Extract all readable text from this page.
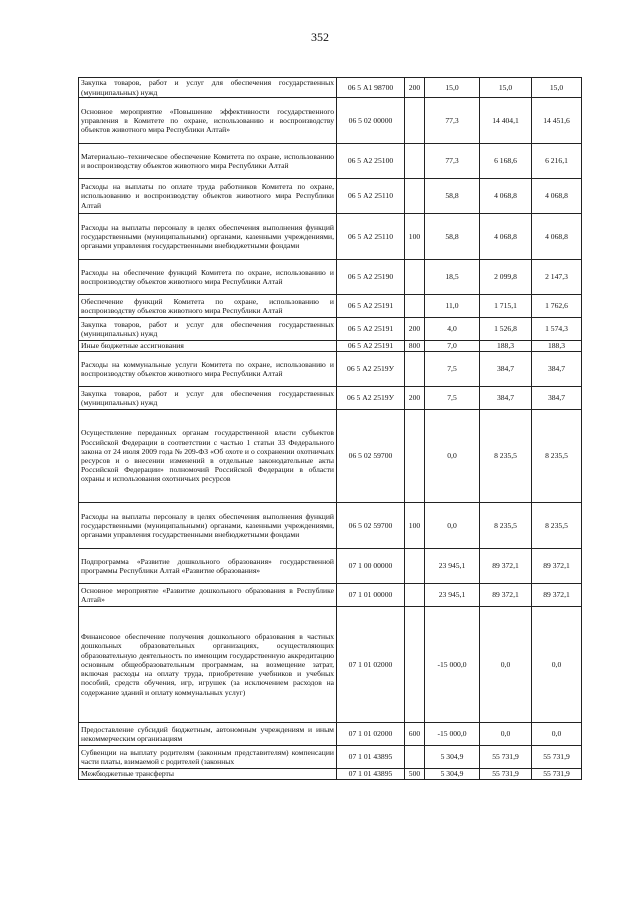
352
Закупка товаров, работ и услуг для обеспечения государственных (муниципальных) нужд	06 5 А1 98700	200	15,0	15,0	15,0
Основное мероприятие «Повышение эффективности государственного управления в Комитете по охране, использованию и воспроизводству объектов животного мира Республики Алтай»	06 5 02 00000		77,3	14 404,1	14 451,6
Материально–техническое обеспечение Комитета по охране, использованию и воспроизводству объектов животного мира Республики Алтай	06 5 А2 25100		77,3	6 168,6	6 216,1
Расходы на выплаты по оплате труда работников Комитета по охране, использованию и воспроизводству объектов животного мира Республики Алтай	06 5 А2 25110		58,8	4 068,8	4 068,8
Расходы на выплаты персоналу в целях обеспечения выполнения функций государственными (муниципальными) органами, казенными учреждениями, органами управления государственными внебюджетными фондами	06 5 А2 25110	100	58,8	4 068,8	4 068,8
Расходы на обеспечение функций Комитета по охране, использованию и воспроизводству объектов животного мира Республики Алтай	06 5 А2 25190		18,5	2 099,8	2 147,3
Обеспечение функций Комитета по охране, использованию и воспроизводству объектов животного мира Республики Алтай	06 5 А2 25191		11,0	1 715,1	1 762,6
Закупка товаров, работ и услуг для обеспечения государственных (муниципальных) нужд	06 5 А2 25191	200	4,0	1 526,8	1 574,3
Иные бюджетные ассигнования	06 5 А2 25191	800	7,0	188,3	188,3
Расходы на коммунальные услуги Комитета по охране, использованию и воспроизводству объектов животного мира Республики Алтай	06 5 А2 2519У		7,5	384,7	384,7
Закупка товаров, работ и услуг для обеспечения государственных (муниципальных) нужд	06 5 А2 2519У	200	7,5	384,7	384,7
Осуществление переданных органам государственной власти субъектов Российской Федерации в соответствии с частью 1 статьи 33 Федерального закона от 24 июля 2009 года № 209-ФЗ «Об охоте и о сохранении охотничьих ресурсов и о внесении изменений в отдельные законодательные акты Российской Федерации» полномочий Российской Федерации в области охраны и использования охотничьих ресурсов	06 5 02 59700		0,0	8 235,5	8 235,5
Расходы на выплаты персоналу в целях обеспечения выполнения функций государственными (муниципальными) органами, казенными учреждениями, органами управления государственными внебюджетными фондами	06 5 02 59700	100	0,0	8 235,5	8 235,5
Подпрограмма «Развитие дошкольного образования» государственной программы Республики Алтай «Развитие образования»	07 1 00 00000		23 945,1	89 372,1	89 372,1
Основное мероприятие «Развитие дошкольного образования в Республике Алтай»	07 1 01 00000		23 945,1	89 372,1	89 372,1
Финансовое обеспечение получения дошкольного образования в частных дошкольных образовательных организациях, осуществляющих образовательную деятельность по имеющим государственную аккредитацию основным общеобразовательным программам, на возмещение затрат, включая расходы на оплату труда, приобретение учебников и учебных пособий, средств обучения, игр, игрушек (за исключением расходов на содержание зданий и оплату коммунальных услуг)	07 1 01 02000		-15 000,0	0,0	0,0
Предоставление субсидий бюджетным, автономным учреждениям и иным некоммерческим организациям	07 1 01 02000	600	-15 000,0	0,0	0,0
Субвенции на выплату родителям (законным представителям) компенсации части платы, взимаемой с родителей (законных	07 1 01 43895		5 304,9	55 731,9	55 731,9
Межбюджетные трансферты	07 1 01 43895	500	5 304,9	55 731,9	55 731,9
